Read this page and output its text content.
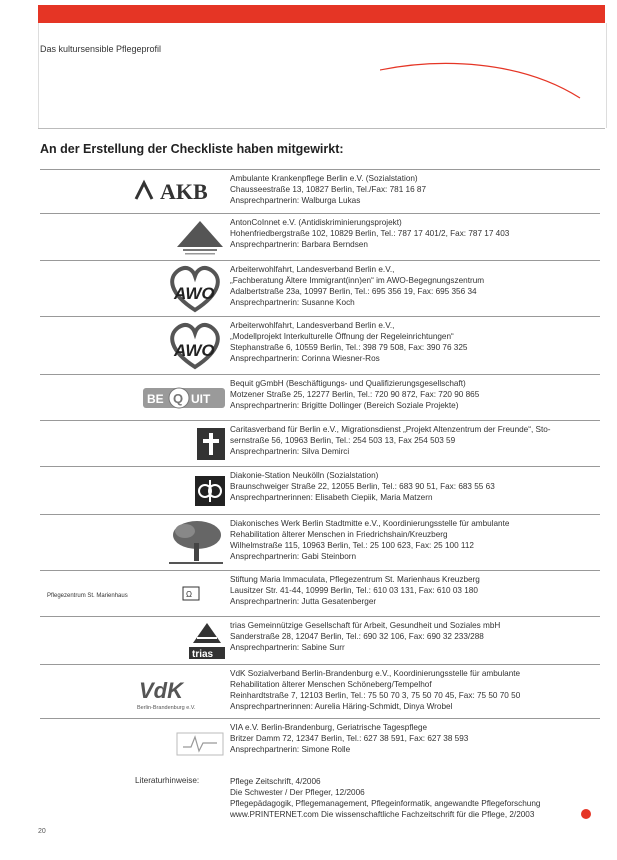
Das kultursensible Pflegeprofil
An der Erstellung der Checkliste haben mitgewirkt:
AKB
Ambulante Krankenpflege Berlin e.V. (Sozialstation)
Chausseestraße 13, 10827 Berlin, Tel./Fax: 781 16 87
Ansprechpartnerin: Walburga Lukas
AntonCoInnet e.V. (Antidiskriminierungsprojekt)
Hohenfriedbergstraße 102, 10829 Berlin, Tel.: 787 17 401/2, Fax: 787 17 403
Ansprechpartnerin: Barbara Berndsen
AWO
Arbeiterwohlfahrt, Landesverband Berlin e.V.,
„Fachberatung Ältere Immigrant(inn)en“ im AWO-Begegnungszentrum
Adalbertstraße 23a, 10997 Berlin, Tel.: 695 356 19, Fax: 695 356 34
Ansprechpartnerin: Susanne Koch
AWO
Arbeiterwohlfahrt, Landesverband Berlin e.V.,
„Modellprojekt Interkulturelle Öffnung der Regeleinrichtungen“
Stephanstraße 6, 10559 Berlin, Tel.: 398 79 508, Fax: 390 76 325
Ansprechpartnerin: Corinna Wiesner-Ros
BE Q UIT
Bequit gGmbH (Beschäftigungs- und Qualifizierungsgesellschaft)
Motzener Straße 25, 12277 Berlin, Tel.: 720 90 872, Fax: 720 90 865
Ansprechpartnerin: Brigitte Dollinger (Bereich Soziale Projekte)
Caritasverband für Berlin e.V., Migrationsdienst „Projekt Altenzentrum der Freunde“, Sto-
sernstraße 56, 10963 Berlin, Tel.: 254 503 13, Fax 254 503 59
Ansprechpartnerin: Silva Demirci
Diakonie-Station Neukölln (Sozialstation)
Braunschweiger Straße 22, 12055 Berlin, Tel.: 683 90 51, Fax: 683 55 63
Ansprechpartnerinnen: Elisabeth Ciepiik, Maria Matzern
Diakonisches Werk Berlin Stadtmitte e.V., Koordinierungsstelle für ambulante
Rehabilitation älterer Menschen in Friedrichshain/Kreuzberg
Wilhelmstraße 115, 10963 Berlin, Tel.: 25 100 623, Fax: 25 100 112
Ansprechpartnerin: Gabi Steinborn
Pflegezentrum St. Marienhaus	Ω
Stiftung Maria Immaculata, Pflegezentrum St. Marienhaus Kreuzberg
Lausitzer Str. 41-44, 10999 Berlin, Tel.: 610 03 131, Fax: 610 03 180
Ansprechpartnerin: Jutta Gesatenberger
trias
trias Gemeinnützige Gesellschaft für Arbeit, Gesundheit und Soziales mbH
Sanderstraße 28, 12047 Berlin, Tel.: 690 32 106, Fax: 690 32 233/288
Ansprechpartnerin: Sabine Surr
VdK
Berlin-Brandenburg e.V.
VdK Sozialverband Berlin-Brandenburg e.V., Koordinierungsstelle für ambulante
Rehabilitation älterer Menschen Schöneberg/Tempelhof
Reinhardtstraße 7, 12103 Berlin, Tel.: 75 50 70 3, 75 50 70 45, Fax: 75 50 70 50
Ansprechpartnerinnen: Aurelia Häring-Schmidt, Dinya Wrobel
VIA e.V. Berlin-Brandenburg, Geriatrische Tagespflege
Britzer Damm 72, 12347 Berlin, Tel.: 627 38 591, Fax: 627 38 593
Ansprechpartnerin: Simone Rolle
Literaturhinweise:	Pflege Zeitschrift, 4/2006
Die Schwester / Der Pfleger, 12/2006
Pflegepädagogik, Pflegemanagement, Pflegeinformatik, angewandte Pflegeforschung
www.PRINTERNET.com Die wissenschaftliche Fachzeitschrift für die Pflege, 2/2003
20
